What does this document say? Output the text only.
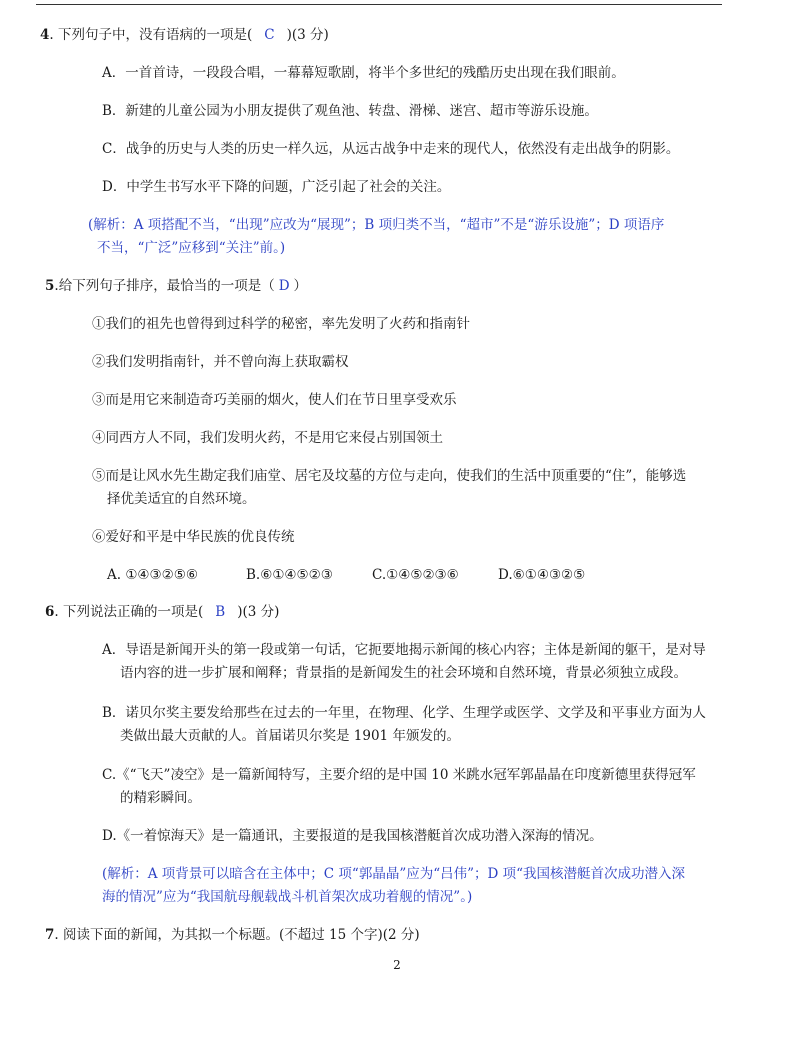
4. 下列句子中，没有语病的一项是( C )(3 分)
A．一首首诗，一段段合唱，一幕幕短歌剧，将半个多世纪的残酷历史出现在我们眼前。
B．新建的儿童公园为小朋友提供了观鱼池、转盘、滑梯、迷宫、超市等游乐设施。
C．战争的历史与人类的历史一样久远，从远古战争中走来的现代人，依然没有走出战争的阴影。
D．中学生书写水平下降的问题，广泛引起了社会的关注。
(解析：A 项搭配不当，“出现”应改为“展现”；B 项归类不当，“超市”不是“游乐设施”；D 项语序
不当，“广泛”应移到“关注”前。)
5.给下列句子排序，最恰当的一项是（ D ）
①我们的祖先也曾得到过科学的秘密，率先发明了火药和指南针
②我们发明指南针，并不曾向海上获取霸权
③而是用它来制造奇巧美丽的烟火，使人们在节日里享受欢乐
④同西方人不同，我们发明火药，不是用它来侵占别国领土
⑤而是让风水先生勘定我们庙堂、居宅及坟墓的方位与走向，使我们的生活中顶重要的“住”，能够选
择优美适宜的自然环境。
⑥爱好和平是中华民族的优良传统
A. ①④③②⑤⑥	B.⑥①④⑤②③	C.①④⑤②③⑥	D.⑥①④③②⑤
6. 下列说法正确的一项是( B )(3 分)
A．导语是新闻开头的第一段或第一句话，它扼要地揭示新闻的核心内容；主体是新闻的躯干，是对导
语内容的进一步扩展和阐释；背景指的是新闻发生的社会环境和自然环境，背景必须独立成段。
B．诺贝尔奖主要发给那些在过去的一年里，在物理、化学、生理学或医学、文学及和平事业方面为人
类做出最大贡献的人。首届诺贝尔奖是 1901 年颁发的。
C.《“飞天”凌空》是一篇新闻特写，主要介绍的是中国 10 米跳水冠军郭晶晶在印度新德里获得冠军
的精彩瞬间。
D.《一着惊海天》是一篇通讯，主要报道的是我国核潜艇首次成功潜入深海的情况。
(解析：A 项背景可以暗含在主体中；C 项“郭晶晶”应为“吕伟”；D 项“我国核潜艇首次成功潜入深
海的情况”应为“我国航母舰载战斗机首架次成功着舰的情况”。)
7. 阅读下面的新闻，为其拟一个标题。(不超过 15 个字)(2 分)
2
